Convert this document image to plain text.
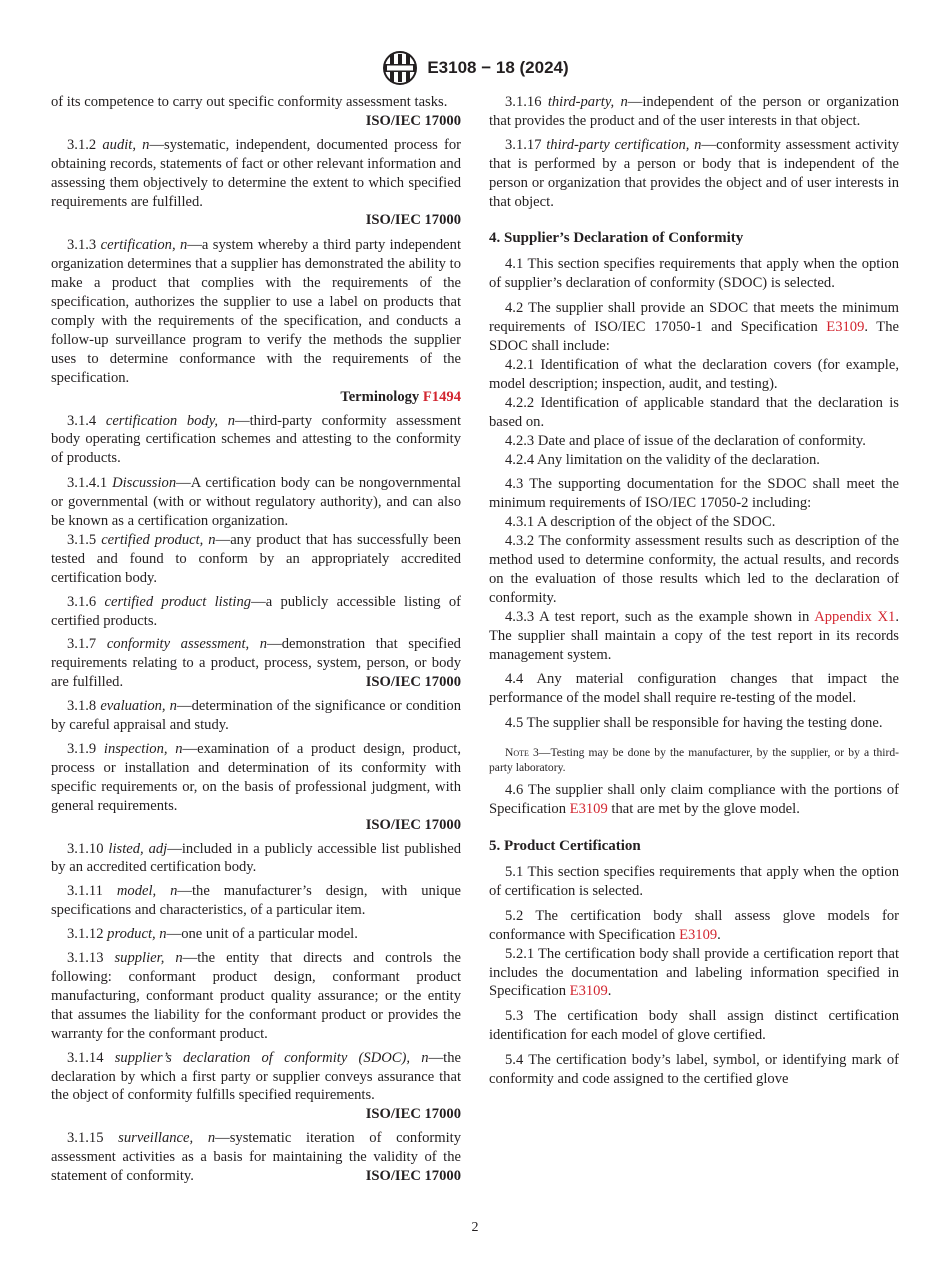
E3108 − 18 (2024)

of its competence to carry out specific conformity assessment tasks.
ISO/IEC 17000

3.1.2 audit, n—systematic, independent, documented process for obtaining records, statements of fact or other relevant information and assessing them objectively to determine the extent to which specified requirements are fulfilled.

ISO/IEC 17000

3.1.3 certification, n—a system whereby a third party independent organization determines that a supplier has demonstrated the ability to make a product that complies with the requirements of the specification, authorizes the supplier to use a label on products that comply with the requirements of the specification, and conducts a follow-up surveillance program to verify the methods the supplier uses to determine conformance with the requirements of the specification.

Terminology F1494

3.1.4 certification body, n—third-party conformity assessment body operating certification schemes and attesting to the conformity of products.

3.1.4.1 Discussion—A certification body can be nongovernmental or governmental (with or without regulatory authority), and can also be known as a certification organization.

3.1.5 certified product, n—any product that has successfully been tested and found to conform by an appropriately accredited certification body.

3.1.6 certified product listing—a publicly accessible listing of certified products.

3.1.7 conformity assessment, n—demonstration that specified requirements relating to a product, process, system, person, or body are fulfilled.	ISO/IEC 17000

3.1.8 evaluation, n—determination of the significance or condition by careful appraisal and study.

3.1.9 inspection, n—examination of a product design, product, process or installation and determination of its conformity with specific requirements or, on the basis of professional judgment, with general requirements.

ISO/IEC 17000

3.1.10 listed, adj—included in a publicly accessible list published by an accredited certification body.

3.1.11 model, n—the manufacturer’s design, with unique specifications and characteristics, of a particular item.

3.1.12 product, n—one unit of a particular model.

3.1.13 supplier, n—the entity that directs and controls the following: conformant product design, conformant product manufacturing, conformant product quality assurance; or the entity that assumes the liability for the conformant product or provides the warranty for the conformant product.

3.1.14 supplier’s declaration of conformity (SDOC), n—the declaration by which a first party or supplier conveys assurance that the object of conformity fulfills specified requirements.

ISO/IEC 17000

3.1.15 surveillance, n—systematic iteration of conformity assessment activities as a basis for maintaining the validity of the statement of conformity.	ISO/IEC 17000

3.1.16 third-party, n—independent of the person or organization that provides the product and of the user interests in that object.

3.1.17 third-party certification, n—conformity assessment activity that is performed by a person or body that is independent of the person or organization that provides the object and of user interests in that object.

4. Supplier’s Declaration of Conformity

4.1 This section specifies requirements that apply when the option of supplier’s declaration of conformity (SDOC) is selected.

4.2 The supplier shall provide an SDOC that meets the minimum requirements of ISO/IEC 17050-1 and Specification E3109. The SDOC shall include:

4.2.1 Identification of what the declaration covers (for example, model description; inspection, audit, and testing).

4.2.2 Identification of applicable standard that the declaration is based on.

4.2.3 Date and place of issue of the declaration of conformity.

4.2.4 Any limitation on the validity of the declaration.

4.3 The supporting documentation for the SDOC shall meet the minimum requirements of ISO/IEC 17050-2 including:

4.3.1 A description of the object of the SDOC.

4.3.2 The conformity assessment results such as description of the method used to determine conformity, the actual results, and records on the evaluation of those results which led to the declaration of conformity.

4.3.3 A test report, such as the example shown in Appendix X1. The supplier shall maintain a copy of the test report in its records management system.

4.4 Any material configuration changes that impact the performance of the model shall require re-testing of the model.

4.5 The supplier shall be responsible for having the testing done.

Note 3—Testing may be done by the manufacturer, by the supplier, or by a third-party laboratory.

4.6 The supplier shall only claim compliance with the portions of Specification E3109 that are met by the glove model.

5. Product Certification

5.1 This section specifies requirements that apply when the option of certification is selected.

5.2 The certification body shall assess glove models for conformance with Specification E3109.

5.2.1 The certification body shall provide a certification report that includes the documentation and labeling information specified in Specification E3109.

5.3 The certification body shall assign distinct certification identification for each model of glove certified.

5.4 The certification body’s label, symbol, or identifying mark of conformity and code assigned to the certified glove

2
